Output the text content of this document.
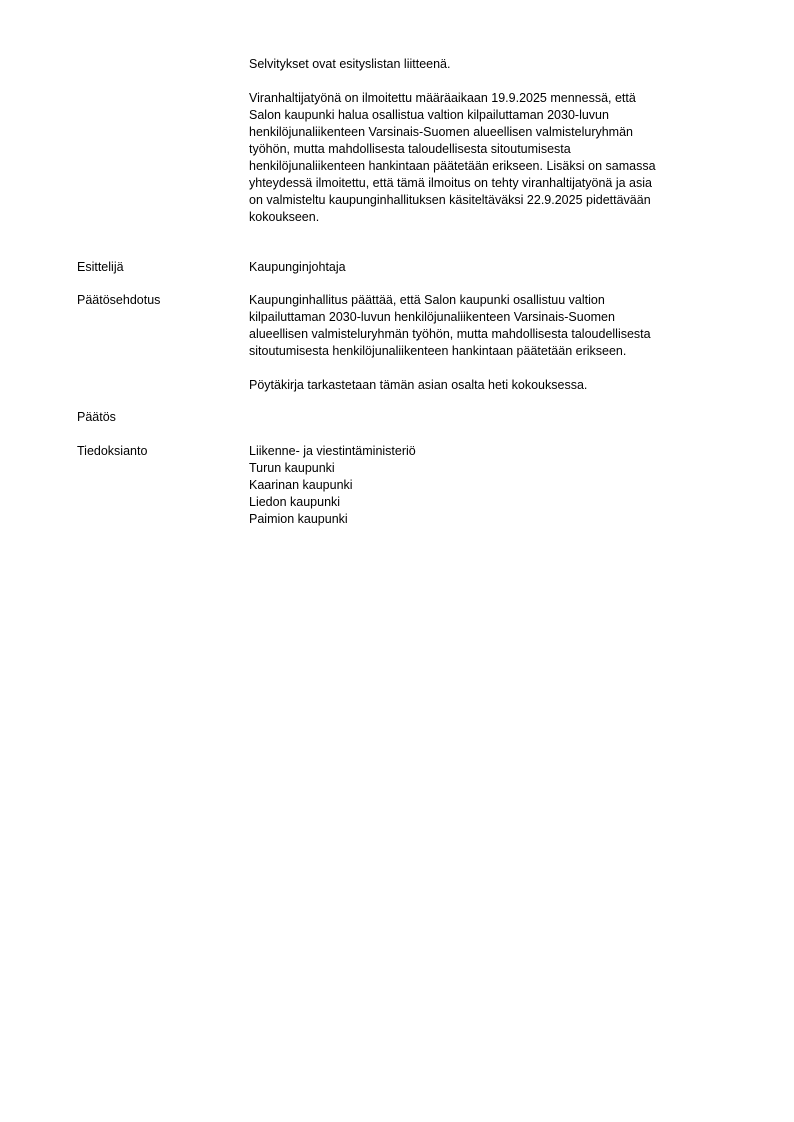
Selvitykset ovat esityslistan liitteenä.

Viranhaltijatyönä on ilmoitettu määräaikaan 19.9.2025 mennessä, että
Salon kaupunki halua osallistua valtion kilpailuttaman 2030-luvun
henkilöjunaliikenteen Varsinais-Suomen alueellisen valmisteluryhmän
työhön, mutta mahdollisesta taloudellisesta sitoutumisesta
henkilöjunaliikenteen hankintaan päätetään erikseen. Lisäksi on samassa
yhteydessä ilmoitettu, että tämä ilmoitus on tehty viranhaltijatyönä ja asia
on valmisteltu kaupunginhallituksen käsiteltäväksi 22.9.2025 pidettävään
kokoukseen.

Esittelijä	Kaupunginjohtaja

Päätösehdotus	Kaupunginhallitus päättää, että Salon kaupunki osallistuu valtion
kilpailuttaman 2030-luvun henkilöjunaliikenteen Varsinais-Suomen
alueellisen valmisteluryhmän työhön, mutta mahdollisesta taloudellisesta
sitoutumisesta henkilöjunaliikenteen hankintaan päätetään erikseen.

Pöytäkirja tarkastetaan tämän asian osalta heti kokouksessa.

Päätös

Tiedoksianto	Liikenne- ja viestintäministeriö
Turun kaupunki
Kaarinan kaupunki
Liedon kaupunki
Paimion kaupunki
